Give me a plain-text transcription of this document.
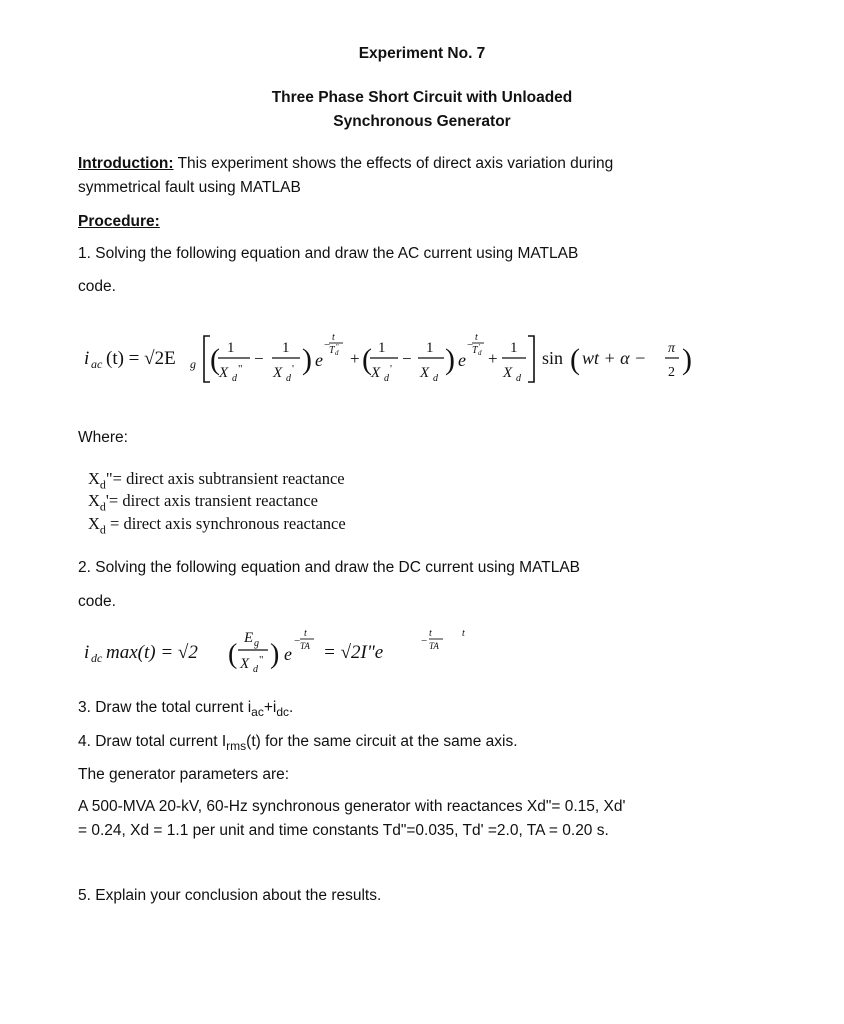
Experiment No. 7
Three Phase Short Circuit with Unloaded
Synchronous Generator
Introduction: This experiment shows the effects of direct axis variation during
symmetrical fault using MATLAB
Procedure:
1. Solving the following equation and draw the AC current using MATLAB
code.
i ac (t) = √2E g ( 1
X d
"
−
1
X d
' ) e
−
t
T d
"
+ ( 1
X d
'
−
1
X d
) e
−
t
T d
'
+
1
X d
sin ( wt + α − π
2 )
Where:
$X_d"=$ direct axis subtransient reactance
$X_d'=$ direct axis transient reactance
$X_d$ = direct axis synchronous reactance
2. Solving the following equation and draw the DC current using MATLAB
code.
i dc max(t) = √2 (
E g
X d
" ) e
−
t
TA = √2I"e
−
t
t
TA
3. Draw the total current $i_{ac}+i_{dc}$.
4. Draw total current $I_{rms}(t)$ for the same circuit at the same axis.
The generator parameters are:
A 500-MVA 20-kV, 60-Hz synchronous generator with reactances Xd"= 0.15, Xd'
= 0.24, Xd = 1.1 per unit and time constants Td"=0.035, Td' =2.0, TA = 0.20 s.
5. Explain your conclusion about the results.
